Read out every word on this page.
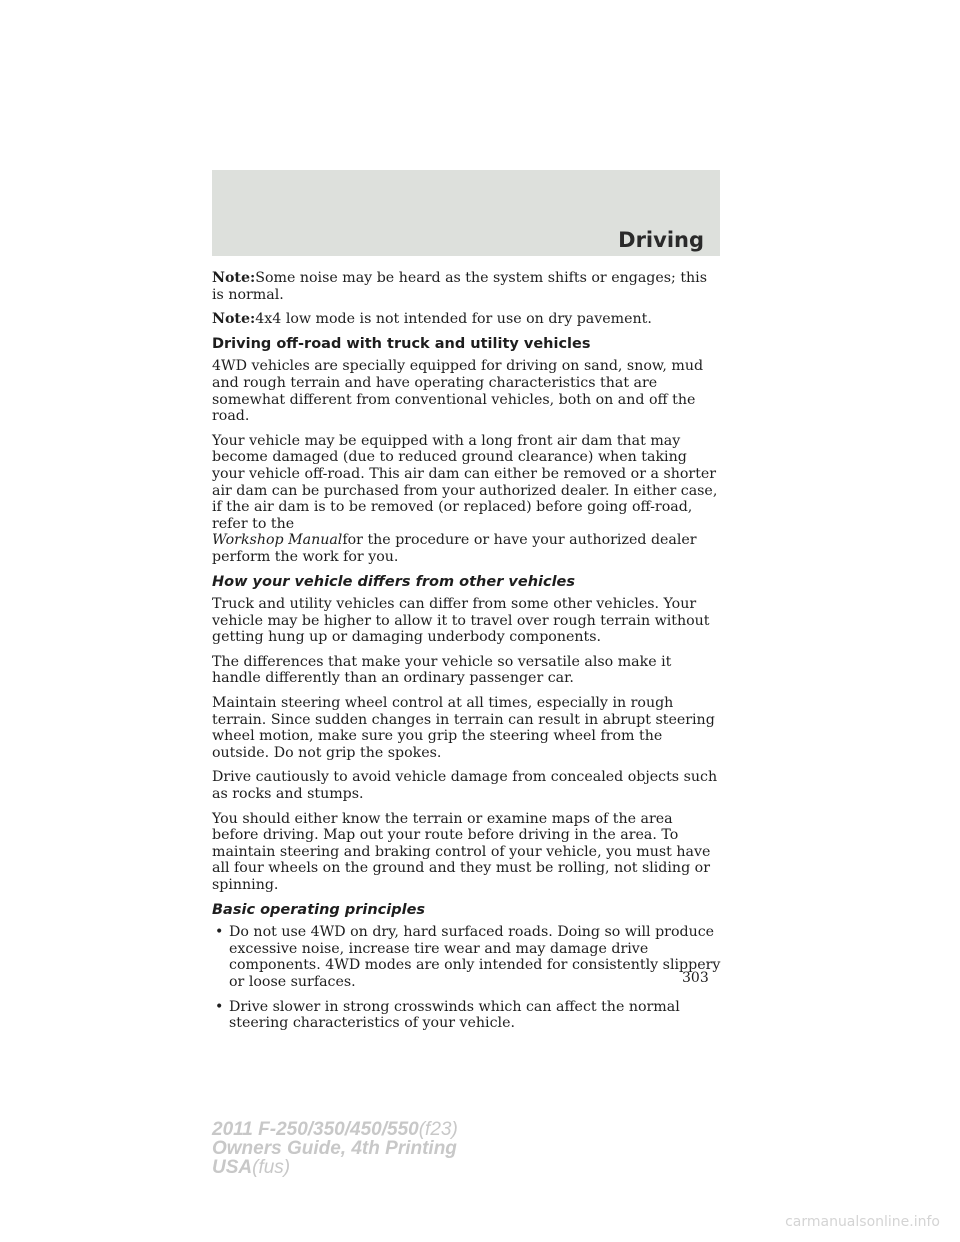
Driving

Note:Some noise may be heard as the system shifts or engages; this is normal.

Note:4x4 low mode is not intended for use on dry pavement.

Driving off-road with truck and utility vehicles

4WD vehicles are specially equipped for driving on sand, snow, mud and rough terrain and have operating characteristics that are somewhat different from conventional vehicles, both on and off the road.

Your vehicle may be equipped with a long front air dam that may become damaged (due to reduced ground clearance) when taking your vehicle off-road. This air dam can either be removed or a shorter air dam can be purchased from your authorized dealer. In either case, if the air dam is to be removed (or replaced) before going off-road, refer to the
Workshop Manualfor the procedure or have your authorized dealer perform the work for you.

How your vehicle differs from other vehicles

Truck and utility vehicles can differ from some other vehicles. Your vehicle may be higher to allow it to travel over rough terrain without getting hung up or damaging underbody components.

The differences that make your vehicle so versatile also make it handle differently than an ordinary passenger car.

Maintain steering wheel control at all times, especially in rough terrain. Since sudden changes in terrain can result in abrupt steering wheel motion, make sure you grip the steering wheel from the outside. Do not grip the spokes.

Drive cautiously to avoid vehicle damage from concealed objects such as rocks and stumps.

You should either know the terrain or examine maps of the area before driving. Map out your route before driving in the area. To maintain steering and braking control of your vehicle, you must have all four wheels on the ground and they must be rolling, not sliding or spinning.

Basic operating principles
• Do not use 4WD on dry, hard surfaced roads. Doing so will produce excessive noise, increase tire wear and may damage drive components. 4WD modes are only intended for consistently slippery or loose surfaces.
• Drive slower in strong crosswinds which can affect the normal steering characteristics of your vehicle.
303
2011 F-250/350/450/550(f23)
Owners Guide, 4th Printing
USA(fus)
carmanualsonline.info
